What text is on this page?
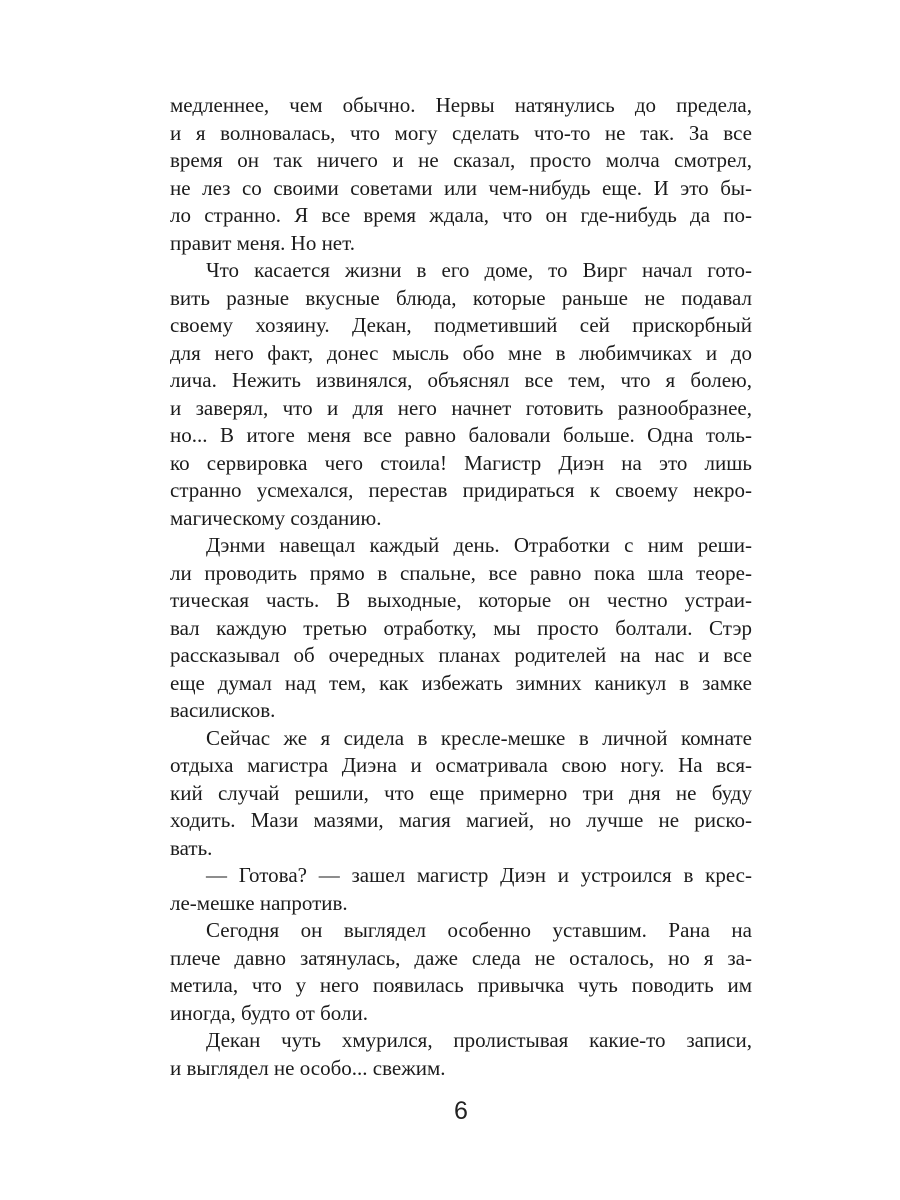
медленнее, чем обычно. Нервы натянулись до предела,
и я волновалась, что могу сделать что-то не так. За все
время он так ничего и не сказал, просто молча смотрел,
не лез со своими советами или чем-нибудь еще. И это бы-
ло странно. Я все время ждала, что он где-нибудь да по-
правит меня. Но нет.
Что касается жизни в его доме, то Вирг начал гото-
вить разные вкусные блюда, которые раньше не подавал
своему хозяину. Декан, подметивший сей прискорбный
для него факт, донес мысль обо мне в любимчиках и до
лича. Нежить извинялся, объяснял все тем, что я болею,
и заверял, что и для него начнет готовить разнообразнее,
но... В итоге меня все равно баловали больше. Одна толь-
ко сервировка чего стоила! Магистр Диэн на это лишь
странно усмехался, перестав придираться к своему некро-
магическому созданию.
Дэнми навещал каждый день. Отработки с ним реши-
ли проводить прямо в спальне, все равно пока шла теоре-
тическая часть. В выходные, которые он честно устраи-
вал каждую третью отработку, мы просто болтали. Стэр
рассказывал об очередных планах родителей на нас и все
еще думал над тем, как избежать зимних каникул в замке
василисков.
Сейчас же я сидела в кресле-мешке в личной комнате
отдыха магистра Диэна и осматривала свою ногу. На вся-
кий случай решили, что еще примерно три дня не буду
ходить. Мази мазями, магия магией, но лучше не риско-
вать.
— Готова? — зашел магистр Диэн и устроился в крес-
ле-мешке напротив.
Сегодня он выглядел особенно уставшим. Рана на
плече давно затянулась, даже следа не осталось, но я за-
метила, что у него появилась привычка чуть поводить им
иногда, будто от боли.
Декан чуть хмурился, пролистывая какие-то записи,
и выглядел не особо... свежим.
6
